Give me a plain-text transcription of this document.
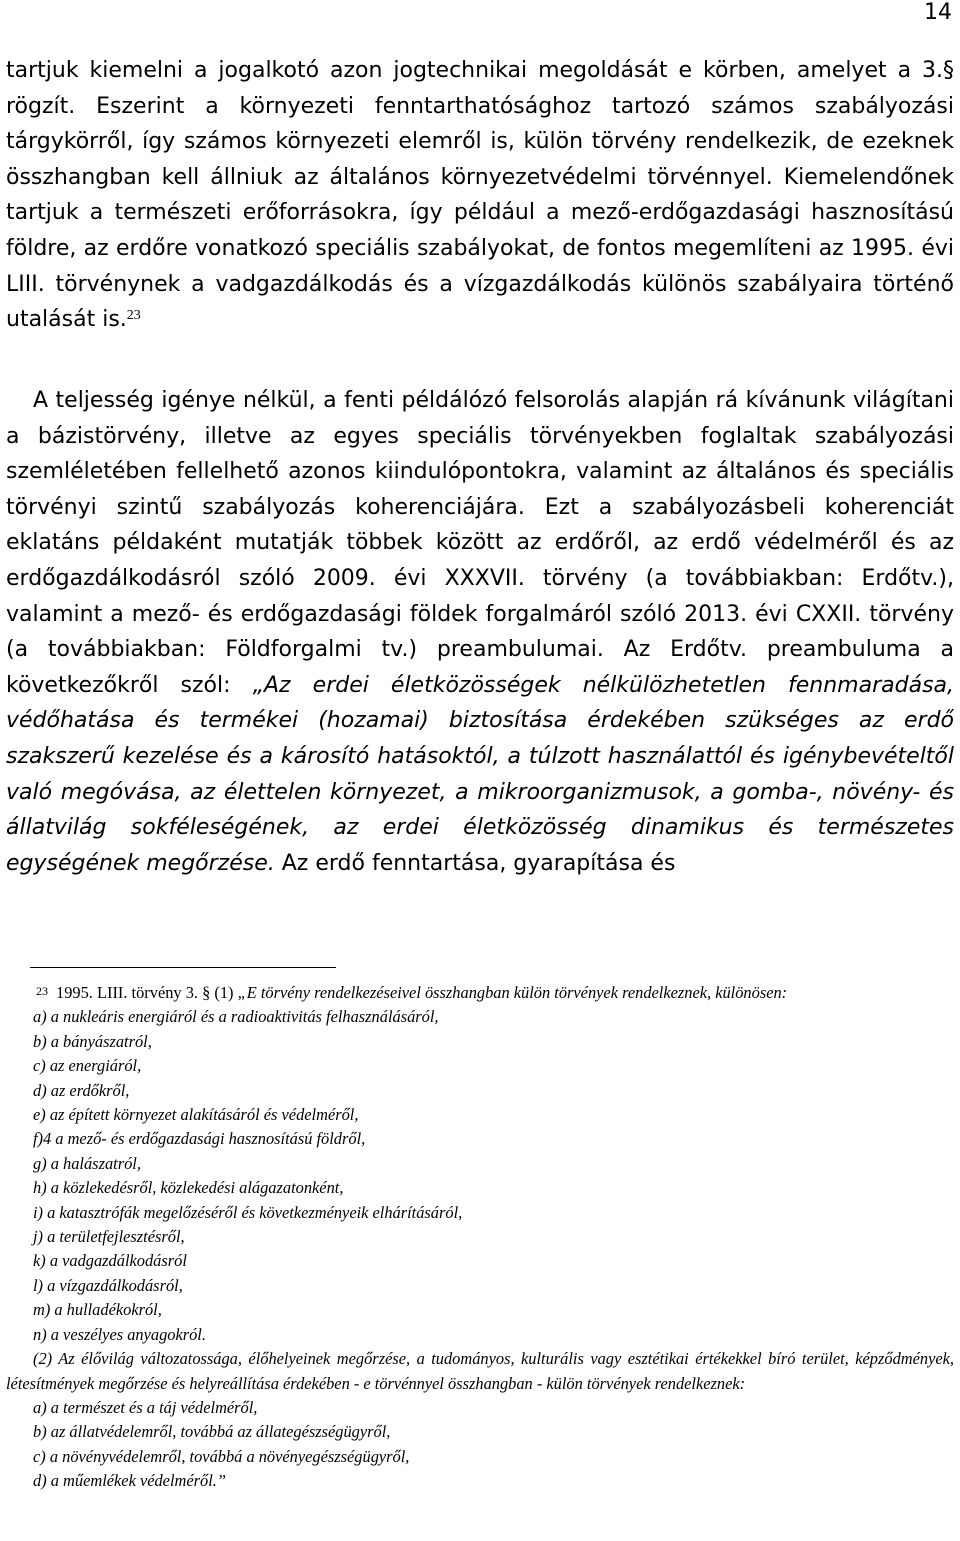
14

tartjuk kiemelni a jogalkotó azon jogtechnikai megoldását e körben, amelyet a 3.§ rögzít. Eszerint a környezeti fenntarthatósághoz tartozó számos szabályozási tárgykörről, így számos környezeti elemről is, külön törvény rendelkezik, de ezeknek összhangban kell állniuk az általános környezetvédelmi törvénnyel. Kiemelendőnek tartjuk a természeti erőforrásokra, így például a mező-erdőgazdasági hasznosítású földre, az erdőre vonatkozó speciális szabályokat, de fontos megemlíteni az 1995. évi LIII. törvénynek a vadgazdálkodás és a vízgazdálkodás különös szabályaira történő utalását is.$^{23}$

A teljesség igénye nélkül, a fenti példálózó felsorolás alapján rá kívánunk világítani a bázistörvény, illetve az egyes speciális törvényekben foglaltak szabályozási szemléletében fellelhető azonos kiindulópontokra, valamint az általános és speciális törvényi szintű szabályozás koherenciájára. Ezt a szabályozásbeli koherenciát eklatáns példaként mutatják többek között az erdőről, az erdő védelméről és az erdőgazdálkodásról szóló 2009. évi XXXVII. törvény (a továbbiakban: Erdőtv.), valamint a mező- és erdőgazdasági földek forgalmáról szóló 2013. évi CXXII. törvény (a továbbiakban: Földforgalmi tv.) preambulumai. Az Erdőtv. preambuluma a következőkről szól: „Az erdei életközösségek nélkülözhetetlen fennmaradása, védőhatása és termékei (hozamai) biztosítása érdekében szükséges az erdő szakszerű kezelése és a károsító hatásoktól, a túlzott használattól és igénybevételtől való megóvása, az élettelen környezet, a mikroorganizmusok, a gomba-, növény- és állatvilág sokféleségének, az erdei életközösség dinamikus és természetes egységének megőrzése. Az erdő fenntartása, gyarapítása és

$^{23}$ 1995. LIII. törvény 3. § (1) „E törvény rendelkezéseivel összhangban külön törvények rendelkeznek, különösen:

a) a nukleáris energiáról és a radioaktivitás felhasználásáról,

b) a bányászatról,

c) az energiáról,

d) az erdőkről,

e) az épített környezet alakításáról és védelméről,

f)4 a mező- és erdőgazdasági hasznosítású földről,

g) a halászatról,

h) a közlekedésről, közlekedési alágazatonként,

i) a katasztrófák megelőzéséről és következményeik elhárításáról,

j) a területfejlesztésről,

k) a vadgazdálkodásról

l) a vízgazdálkodásról,

m) a hulladékokról,

n) a veszélyes anyagokról.

(2) Az élővilág változatossága, élőhelyeinek megőrzése, a tudományos, kulturális vagy esztétikai értékekkel bíró terület, képződmények, létesítmények megőrzése és helyreállítása érdekében - e törvénnyel összhangban - külön törvények rendelkeznek:

a) a természet és a táj védelméről,

b) az állatvédelemről, továbbá az állategészségügyről,

c) a növényvédelemről, továbbá a növényegészségügyről,

d) a műemlékek védelméről.”
